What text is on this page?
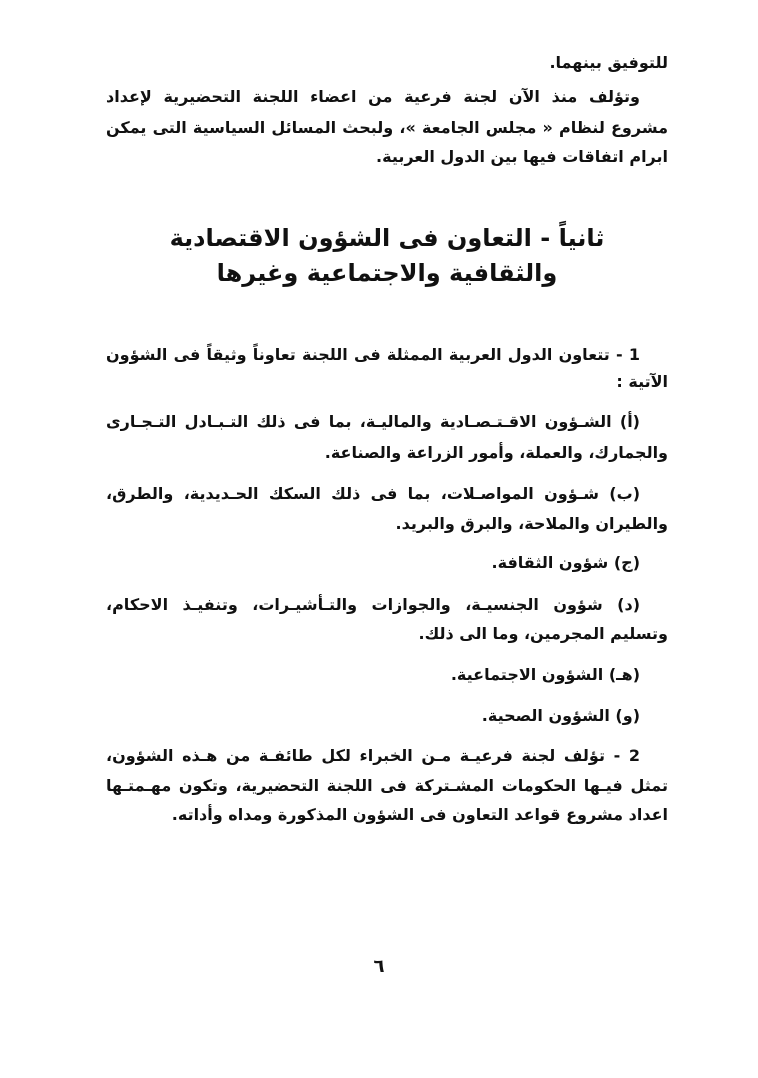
للتوفيق بينهما.
وتؤلف منذ الآن لجنة فرعية من اعضاء اللجنة التحضيرية لإعداد
مشروع لنظام « مجلس الجامعة »، ولبحث المسائل السياسية التى يمكن
ابرام اتفاقات فيها بين الدول العربية.
ثانياً - التعاون فى الشؤون الاقتصادية
والثقافية والاجتماعية وغيرها
1 - تتعاون الدول العربية الممثلة فى اللجنة تعاوناً وثيقاً فى الشؤون
الآتية :
(أ) الشـؤون الاقـتـصـادية والماليـة، بما فى ذلك التـبـادل التـجـارى
والجمارك، والعملة، وأمور الزراعة والصناعة.
(ب) شـؤون المواصـلات، بما فى ذلك السكك الحـديدية، والطرق،
والطيران والملاحة، والبرق والبريد.
(ج) شؤون الثقافة.
(د) شؤون الجنسيـة، والجوازات والتـأشيـرات، وتنفيـذ الاحكام،
وتسليم المجرمين، وما الى ذلك.
(هـ) الشؤون الاجتماعية.
(و) الشؤون الصحية.
2 - تؤلف لجنة فرعيـة مـن الخبراء لكل طائفـة من هـذه الشؤون،
تمثل فيـها الحكومات المشـتركة فى اللجنة التحضيرية، وتكون مهـمتـها
اعداد مشروع قواعد التعاون فى الشؤون المذكورة ومداه وأداته.
٦
